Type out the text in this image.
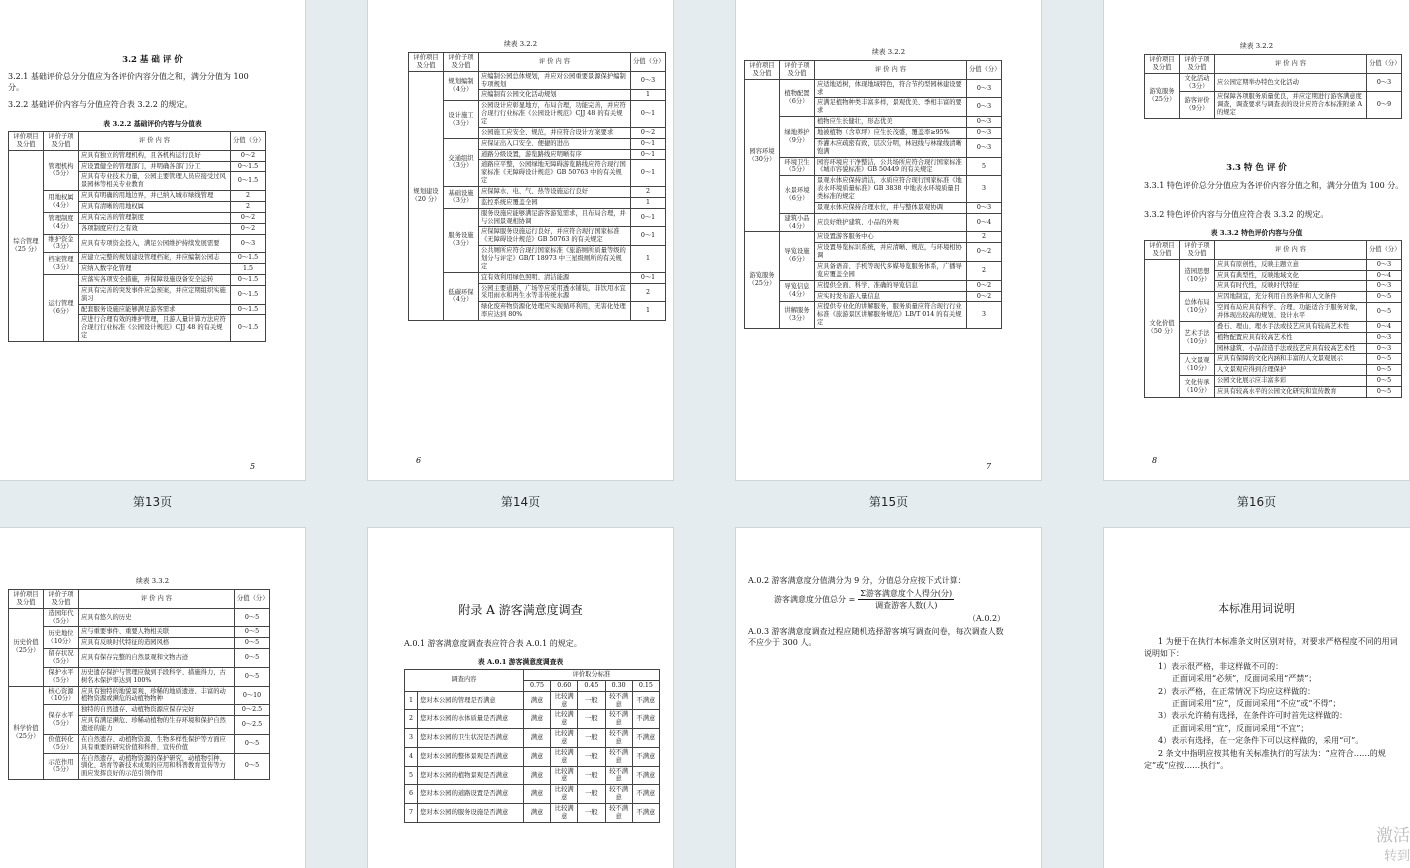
3.2 基 础 评 价
3.2.1 基础评价总分分值应为各评价内容分值之和，满分分值为 100 分。
3.2.2 基础评价内容与分值应符合表 3.2.2 的规定。
表 3.2.2 基础评价内容与分值表
评价项目及分值	评价子项及分值	评 价 内 容	分值（分）
综合管理（25 分）	管理机构（5分）	应具有独立的管理机构，且各机构运行良好	0～2
		应设置健全的管理部门，并明确各部门分工	0～1.5
		应具有专业技术力量，公园主要管理人员应接受过风景园林等相关专业教育	0～1.5
	用地权属（4分）	应具有明确的用地边界，并已纳入城市绿线管理	2
		应具有清晰的用地权属	2
	管理制度（4分）	应具有完善的管理制度	0～2
		各项制度应行之有效	0～2
	维护资金（3分）	应具有专项资金投入，满足公园维护持续发展需要	0～3
	档案管理（3分）	应建立完整的规划建设管理档案，并应编制公园志	0～1.5
		应纳入数字化管理	1.5
	运行管理（6分）	应落实各项安全措施，并保障设施设备安全运转	0～1.5
		应具有完善的突发事件应急预案，并应定期组织实施演习	0～1.5
		配套服务设施应能够满足游客需求	0～1.5
		应进行合理有效的维护管理，且游人量计算方法应符合现行行业标准《公园设计规范》CJJ 48 的有关规定	0～1.5
5
第13页
续表 3.2.2
评价项目及分值	评价子项及分值	评 价 内 容	分值（分）
规划建设（20 分）	规划编制（4分）	应编制公园总体规划，并应对公园重要景源保护编制专项规划	0～3
		应编制有公园文化活动规划	1
	设计施工（3分）	公园设计应彰显地方，布局合理，功能完善，并应符合现行行业标准《公园设计规范》CJJ 48 的有关规定	0～1
		公园施工应安全、规范，并应符合设计方案要求	0～2
	交通组织（3分）	应保证出入口安全、便捷的进出	0～1
		道路分级设置，游览路线应明晰有序	0～1
		道路应平整，公园绿地无障碍游览路线应符合现行国家标准《无障碍设计规范》GB 50763 中的有关规定	0～1
	基础设施（3分）	应保障水、电、气、热等设施运行良好	2
		监控系统应覆盖全园	1
	服务设施（3分）	服务设施应能够满足游客游览需求，且布局合理，并与公园景观相协调	0～1
		应保障服务设施运行良好，并应符合现行国家标准《无障碍设计规范》GB 50763 的有关规定	0～1
		公共厕所应符合现行国家标准《旅游厕所质量等级的划分与评定》GB/T 18973 中三星级厕所的有关规定	1
	低碳环保（4分）	宜有效利用绿色照明、清洁能源	0～1
		公园主要道路、广场等应采用透水铺装，非饮用水宜采用雨水和再生水等非传统水源	2
		绿化废弃物资源化处理应实现循环利用，无害化处理率应达到 80%	1
6
第14页
续表 3.2.2
评价项目及分值	评价子项及分值	评 价 内 容	分值（分）
园容环境（30分）	植物配置（6分）	应适地适树，体现地域特色，符合节约型园林建设要求	0～3
		应满足植物种类丰富多样，景观优美、季相丰富的要求	0～3
	绿地养护（9分）	植物应生长健壮，形态优美	0～3
		地被植物（含草坪）应生长茂盛，覆盖率≥95%	0～3
		乔灌木应疏密有致，层次分明，林冠线与林缘线清晰饱满	0～3
	环境卫生（5分）	园容环境应干净整洁，公共场所应符合现行国家标准《城市容貌标准》GB 50449 的有关规定	5
	水景环境（6分）	景观水体应保持清洁，水质应符合现行国家标准《地表水环境质量标准》GB 3838 中地表水环境质量目类标准的规定	3
		景观水体应保持合理水位，并与整体景观协调	0～3
	建筑小品（4分）	应良好维护建筑、小品的外观	0～4
游览服务（25分）	导览设施（6分）	应设置游客服务中心	2
		应设置导览标识系统，并应清晰、规范，与环境相协调	0～2
		应具备语音、手机等现代多媒导览服务体系，广播导览应覆盖全园	2
	导览信息（4分）	应提供全面、科学、准确的导览信息	0～2
		应实时发布游人量信息	0～2
	讲解服务（3分）	应提供专业化的讲解服务，服务质量应符合现行行业标准《旅游景区讲解服务规范》LB/T 014 的有关规定	3
7
第15页
续表 3.2.2
评价项目及分值	评价子项及分值	评 价 内 容	分值（分）
游览服务（25分）	文化活动（3分）	应公园定期举办特色文化活动	0～3
	游客评价（9分）	应保障各项服务质量优良，并应定期进行游客满意度调查，调查要求与调查表的设计应符合本标准附录 A 的规定	0～9
3.3 特 色 评 价
3.3.1 特色评价总分分值应为各评价内容分值之和，满分分值为 100 分。
3.3.2 特色评价内容与分值应符合表 3.3.2 的规定。
表 3.3.2 特色评价内容与分值
评价项目及分值	评价子项及分值	评 价 内 容	分值（分）
文化价值（50 分）	造园思想（10分）	应具有原创性，反映主题立意	0～3
		应具有典型性，反映地域文化	0～4
		应具有时代性，反映时代特征	0～3
	总体布局（10分）	应因地制宜，充分利用自然条件和人文条件	0～5
		空间布局应具有科学、合理、功能适合于服务对象，并体现出较高的规划、设计水平	0～5
	艺术手法（10分）	叠石、理山、理水手法或技艺应具有较高艺术性	0～4
		植物配置应具有较高艺术性	0～3
		园林建筑、小品营造手法或技艺应具有较高艺术性	0～3
	人文景观（10分）	应具有保障的文化内涵和丰富的人文景观展示	0～5
		人文景观应得到合理保护	0～5
	文化传承（10分）	公园文化展示应丰富多彩	0～5
		应具有较高水平的公园文化研究和宣传教育	0～5
8
第16页
续表 3.3.2
评价项目及分值	评价子项及分值	评 价 内 容	分值（分）
历史价值（25分）	造园年代（5分）	应具有悠久的历史	0～5
	历史地位（10分）	应与重要事件、重要人物相关联	0～5
		应具有反映时代特征的造园风格	0～5
	留存状况（5分）	应具有保存完整的自然景观和文物古迹	0～5
	保护水平（5分）	历史遗存保护与管理应做到手段科学、措施得力，古树名木保护率达到 100%	0～5
科学价值（25分）	核心资源（10分）	应具有独特的地貌景观、珍稀的地质遗迹、丰富的动植物资源或濒危的动植物物种	0～10
	保存水平（5分）	独特的自然遗存、动植物资源应保存完好	0～2.5
		应具有满足濒危、珍稀动植物的生存环境和保护自然遗迹的能力	0～2.5
	价值转化（5分）	在自然遗存、动植物资源、生物多样性保护等方面应具有重要的研究价值和科普、宣传价值	0～5
	示范作用（5分）	在自然遗存、动植物资源的保护研究，动植物引种、驯化、培育等新技术成果的应用和科普教育宣传等方面应发挥良好的示范引领作用	0～5
附录 A 游客满意度调查
A.0.1 游客满意度调查表应符合表 A.0.1 的规定。
表 A.0.1 游客满意度调查表
调查内容		评价取分标准				
		0.75	0.60	0.45	0.30	0.15
1	您对本公园的管理是否满意	满意	比较满意	一般	较不满意	不满意
2	您对本公园的水体质量是否满意	满意	比较满意	一般	较不满意	不满意
3	您对本公园的卫生状况是否满意	满意	比较满意	一般	较不满意	不满意
4	您对本公园的整体景观是否满意	满意	比较满意	一般	较不满意	不满意
5	您对本公园的植物景观是否满意	满意	比较满意	一般	较不满意	不满意
6	您对本公园的道路设置是否满意	满意	比较满意	一般	较不满意	不满意
7	您对本公园的服务设施是否满意	满意	比较满意	一般	较不满意	不满意
A.0.2 游客满意度分值满分为 9 分，分值总分应按下式计算：
游客满意度分值总分 =
Σ游客满意度个人得分(分)
调查游客人数(人)
（A.0.2）
A.0.3 游客满意度调查过程应随机选择游客填写调查问卷，每次调查人数不应少于 300 人。
本标准用词说明
1 为便于在执行本标准条文时区别对待，对要求严格程度不同的用词说明如下：
1）表示很严格，非这样做不可的：
正面词采用“必须”，反面词采用“严禁”；
2）表示严格，在正常情况下均应这样做的：
正面词采用“应”，反面词采用“不应”或“不得”；
3）表示允许稍有选择，在条件许可时首先这样做的：
正面词采用“宜”，反面词采用“不宜”；
4）表示有选择，在一定条件下可以这样做的，采用“可”。
2 条文中指明应按其他有关标准执行的写法为：“应符合……的规定”或“应按……执行”。
激活
转到
